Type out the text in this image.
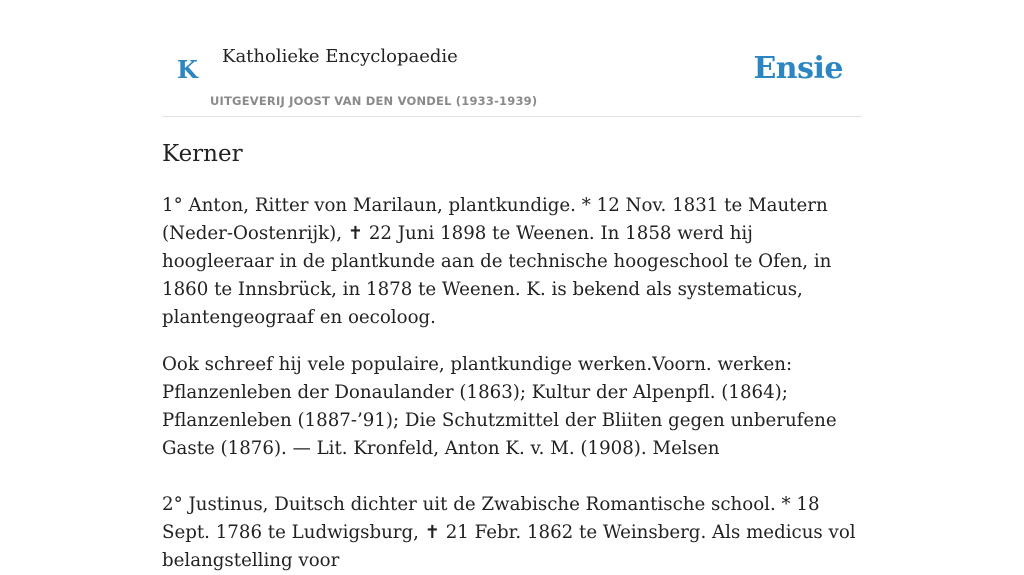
K Katholieke Encyclopaedie
UITGEVERIJ JOOST VAN DEN VONDEL (1933-1939)
Ensie
Kerner

1° Anton, Ritter von Marilaun, plantkundige. * 12 Nov. 1831 te Mautern (Neder-Oostenrijk), ✝ 22 Juni 1898 te Weenen. In 1858 werd hij hoogleeraar in de plantkunde aan de technische hoogeschool te Ofen, in 1860 te Innsbrück, in 1878 te Weenen. K. is bekend als systematicus, plantengeograaf en oecoloog.

Ook schreef hij vele populaire, plantkundige werken.Voorn. werken: Pflanzenleben der Donaulander (1863); Kultur der Alpenpfl. (1864); Pflanzenleben (1887-’91); Die Schutzmittel der Bliiten gegen unberufene Gaste (1876). — Lit. Kronfeld, Anton K. v. M. (1908). Melsen

2° Justinus, Duitsch dichter uit de Zwabische Romantische school. * 18 Sept. 1786 te Ludwigsburg, ✝ 21 Febr. 1862 te Weinsberg. Als medicus vol belangstelling voor
